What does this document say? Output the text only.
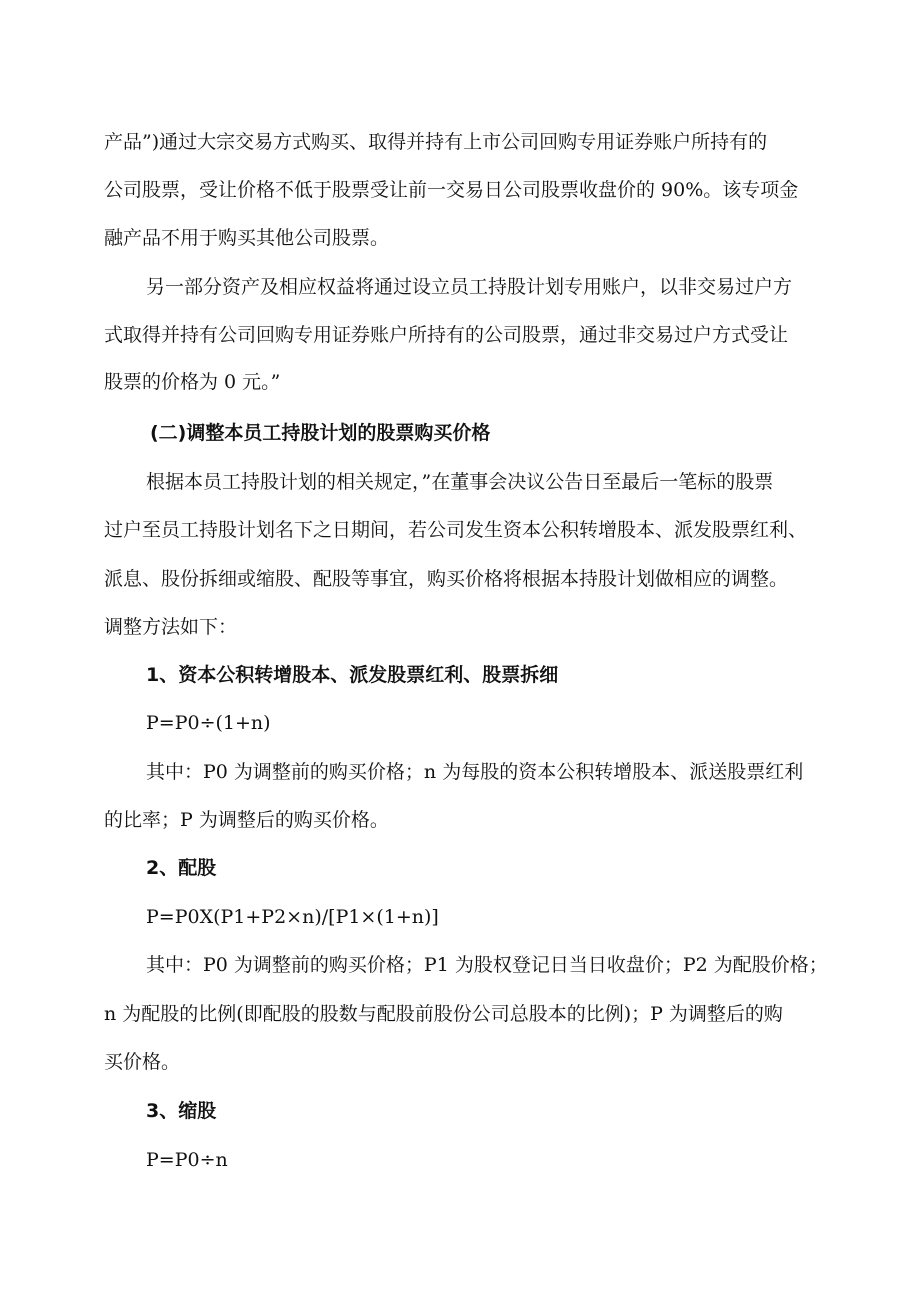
产品”)通过大宗交易方式购买、取得并持有上市公司回购专用证券账户所持有的
公司股票，受让价格不低于股票受让前一交易日公司股票收盘价的 90%。该专项金
融产品不用于购买其他公司股票。
另一部分资产及相应权益将通过设立员工持股计划专用账户，以非交易过户方
式取得并持有公司回购专用证券账户所持有的公司股票，通过非交易过户方式受让
股票的价格为 0 元。”
(二)调整本员工持股计划的股票购买价格
根据本员工持股计划的相关规定，”在董事会决议公告日至最后一笔标的股票
过户至员工持股计划名下之日期间，若公司发生资本公积转增股本、派发股票红利、
派息、股份拆细或缩股、配股等事宜，购买价格将根据本持股计划做相应的调整。
调整方法如下：
1、资本公积转增股本、派发股票红利、股票拆细
P=P0÷(1+n)
其中：P0 为调整前的购买价格；n 为每股的资本公积转增股本、派送股票红利
的比率；P 为调整后的购买价格。
2、配股
P=P0X(P1+P2×n)/[P1×(1+n)]
其中：P0 为调整前的购买价格；P1 为股权登记日当日收盘价；P2 为配股价格；
n 为配股的比例(即配股的股数与配股前股份公司总股本的比例)；P 为调整后的购
买价格。
3、缩股
P=P0÷n
